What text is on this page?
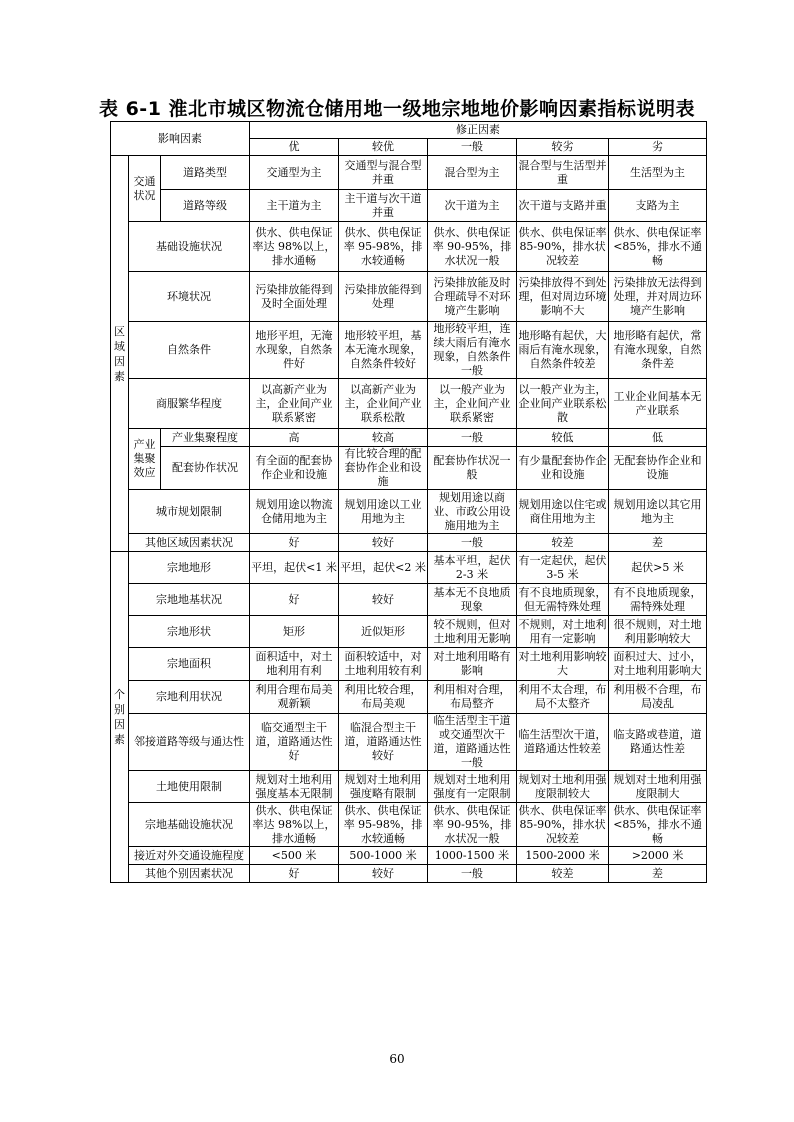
表 6-1 淮北市城区物流仓储用地一级地宗地地价影响因素指标说明表
影响因素			修正因素				
			优	较优	一般	较劣	劣

区
域
因
素	交通状况	道路类型	交通型为主	交通型与混合型并重	混合型为主	混合型与生活型并重	生活型为主
		道路等级	主干道为主	主干道与次干道并重	次干道为主	次干道与支路并重	支路为主
	基础设施状况		供水、供电保证率达 98%以上，排水通畅	供水、供电保证率 95-98%，排水较通畅	供水、供电保证率 90-95%，排水状况一般	供水、供电保证率 85-90%，排水状况较差	供水、供电保证率<85%，排水不通畅
	环境状况		污染排放能得到及时全面处理	污染排放能得到处理	污染排放能及时合理疏导不对环境产生影响	污染排放得不到处理，但对周边环境影响不大	污染排放无法得到处理，并对周边环境产生影响
	自然条件		地形平坦，无淹水现象，自然条件好	地形较平坦，基本无淹水现象，自然条件较好	地形较平坦，连续大雨后有淹水现象，自然条件一般	地形略有起伏，大雨后有淹水现象，自然条件较差	地形略有起伏，常有淹水现象，自然条件差
	商服繁华程度		以高新产业为主，企业间产业联系紧密	以高新产业为主，企业间产业联系松散	以一般产业为主，企业间产业联系紧密	以一般产业为主，企业间产业联系松散	工业企业间基本无产业联系
	产业集聚效应	产业集聚程度	高	较高	一般	较低	低
		配套协作状况	有全面的配套协作企业和设施	有比较合理的配套协作企业和设施	配套协作状况一般	有少量配套协作企业和设施	无配套协作企业和设施
	城市规划限制		规划用途以物流仓储用地为主	规划用途以工业用地为主	规划用途以商业、市政公用设施用地为主	规划用途以住宅或商住用地为主	规划用途以其它用地为主
	其他区域因素状况		好	较好	一般	较差	差

个
别
因
素	宗地地形		平坦，起伏<1 米	平坦，起伏<2 米	基本平坦，起伏 2-3 米	有一定起伏，起伏 3-5 米	起伏>5 米
	宗地地基状况		好	较好	基本无不良地质现象	有不良地质现象，但无需特殊处理	有不良地质现象，需特殊处理
	宗地形状		矩形	近似矩形	较不规则，但对土地利用无影响	不规则，对土地利用有一定影响	很不规则，对土地利用影响较大
	宗地面积		面积适中，对土地利用有利	面积较适中，对土地利用较有利	对土地利用略有影响	对土地利用影响较大	面积过大、过小，对土地利用影响大
	宗地利用状况		利用合理布局美观新颖	利用比较合理，布局美观	利用相对合理，布局整齐	利用不太合理，布局不太整齐	利用极不合理，布局凌乱
	邻接道路等级与通达性		临交通型主干道，道路通达性好	临混合型主干道，道路通达性较好	临生活型主干道或交通型次干道，道路通达性一般	临生活型次干道，道路通达性较差	临支路或巷道，道路通达性差
	土地使用限制		规划对土地利用强度基本无限制	规划对土地利用强度略有限制	规划对土地利用强度有一定限制	规划对土地利用强度限制较大	规划对土地利用强度限制大
	宗地基础设施状况		供水、供电保证率达 98%以上，排水通畅	供水、供电保证率 95-98%，排水较通畅	供水、供电保证率 90-95%，排水状况一般	供水、供电保证率 85-90%，排水状况较差	供水、供电保证率<85%，排水不通畅
	接近对外交通设施程度		<500 米	500-1000 米	1000-1500 米	1500-2000 米	>2000 米
	其他个别因素状况		好	较好	一般	较差	差
60
